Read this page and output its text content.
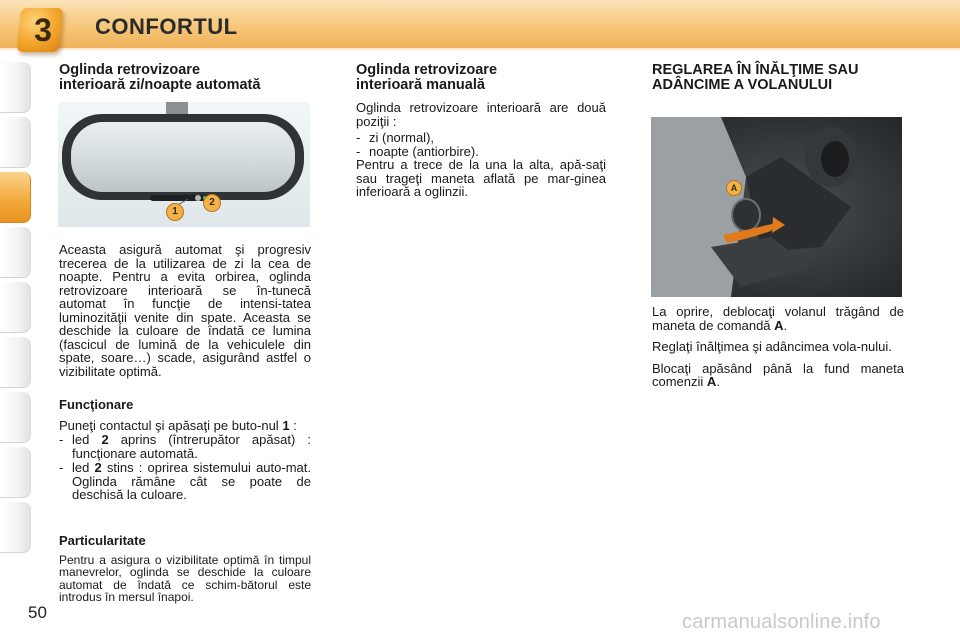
3 CONFORTUL

Oglinda retrovizoare

interioară zi/noapte automată

1
2

Aceasta asigură automat şi progresiv trecerea de la utilizarea de zi la cea de noapte. Pentru a evita orbirea, oglinda retrovizoare interioară se în-tunecă automat în funcţie de intensi-tatea luminozităţii venite din spate. Aceasta se deschide la culoare de îndată ce lumina (fascicul de lumină de la vehiculele din spate, soare…) scade, asigurând astfel o vizibilitate optimă.

Funcţionare

Puneţi contactul şi apăsaţi pe buto-nul 1 :

- led 2 aprins (întrerupător apăsat) : funcţionare automată.
- led 2 stins : oprirea sistemului auto-mat. Oglinda rămâne cât se poate de deschisă la culoare.

Particularitate

Pentru a asigura o vizibilitate optimă în timpul manevrelor, oglinda se deschide la culoare automat de îndată ce schim-bătorul este introdus în mersul înapoi.

Oglinda retrovizoare

interioară manuală

Oglinda retrovizoare interioară are două poziţii :

- zi (normal),
- noapte (antiorbire).

Pentru a trece de la una la alta, apă-saţi sau trageţi maneta aflată pe mar-ginea inferioară a oglinzii.

REGLAREA ÎN ÎNĂLŢIME SAU

ADÂNCIME A VOLANULUI

A

La oprire, deblocaţi volanul trăgând de maneta de comandă A.

Reglaţi înălţimea şi adâncimea vola-nului.

Blocaţi apăsând până la fund maneta comenzii A.

50	carmanualsonline.info
